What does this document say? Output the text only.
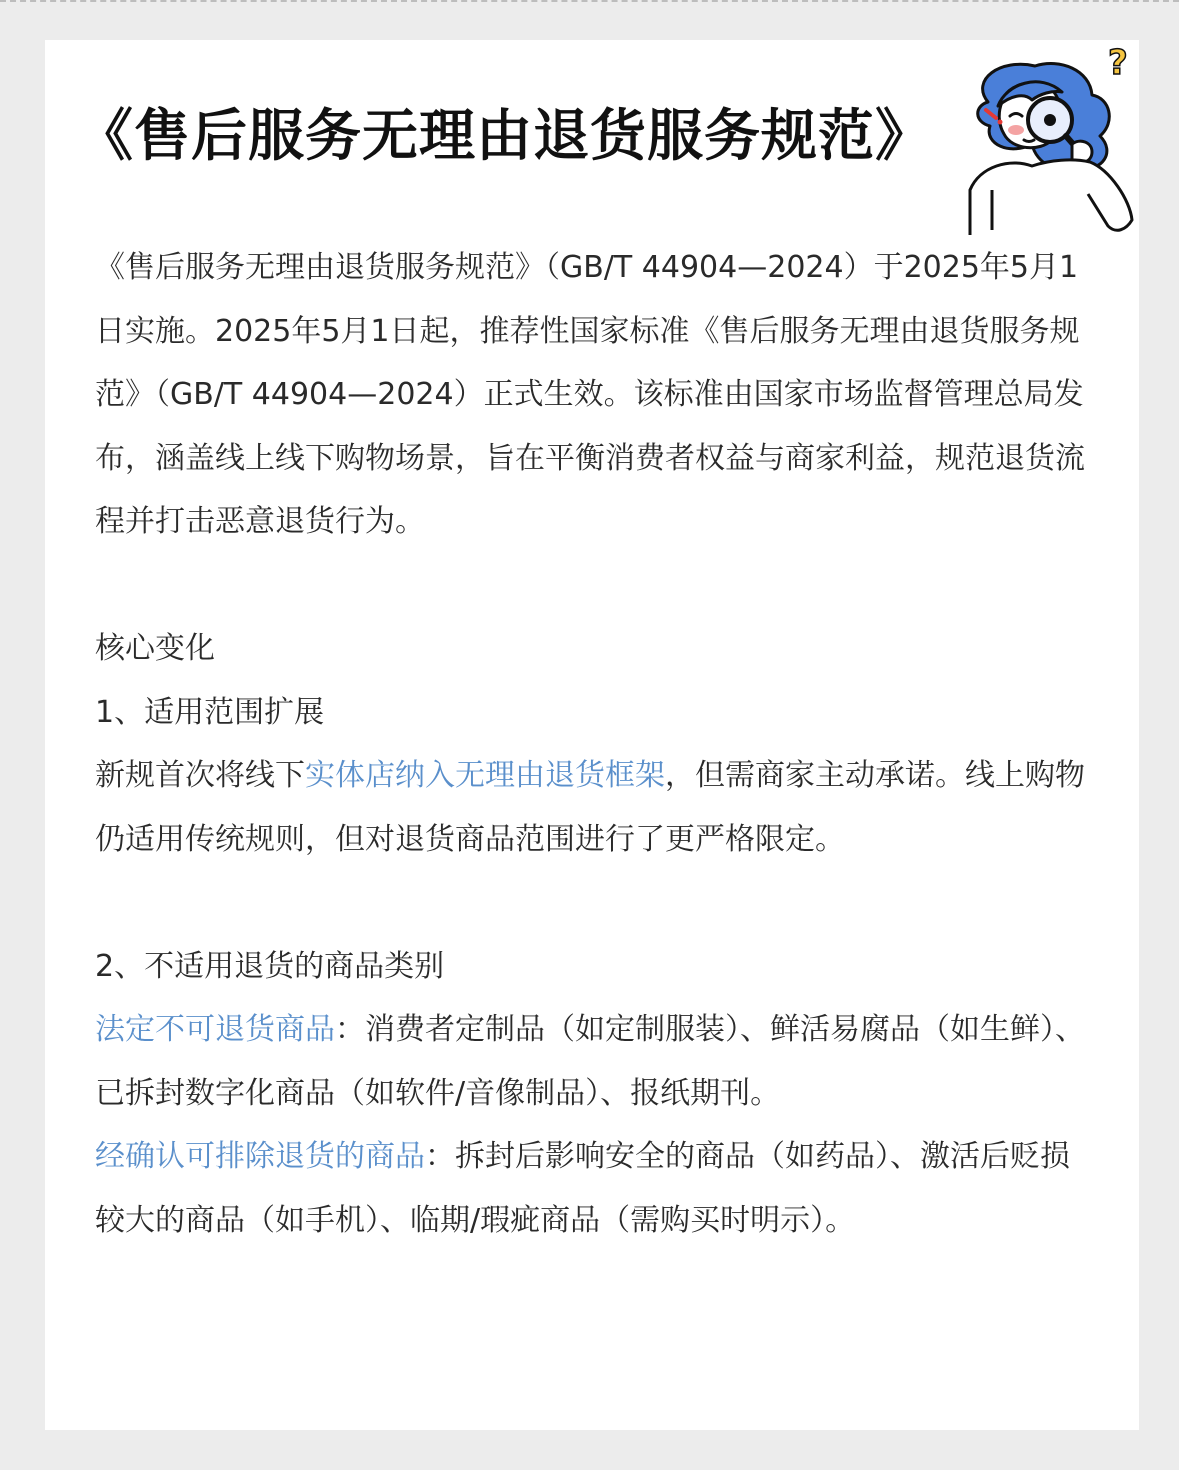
《售后服务无理由退货服务规范》
?

《售后服务无理由退货服务规范》（GB/T 44904—2024）于2025年5月1日实施。2025年5月1日起，推荐性国家标准《售后服务无理由退货服务规范》（GB/T 44904—2024）正式生效。该标准由国家市场监督管理总局发布，涵盖线上线下购物场景，旨在平衡消费者权益与商家利益，规范退货流程并打击恶意退货行为。

核心变化

1、适用范围扩展

新规首次将线下实体店纳入无理由退货框架，但需商家主动承诺。线上购物仍适用传统规则，但对退货商品范围进行了更严格限定。

2、不适用退货的商品类别

法定不可退货商品：消费者定制品（如定制服装）、鲜活易腐品（如生鲜）、已拆封数字化商品（如软件/音像制品）、报纸期刊。

经确认可排除退货的商品：拆封后影响安全的商品（如药品）、激活后贬损较大的商品（如手机）、临期/瑕疵商品（需购买时明示）。
